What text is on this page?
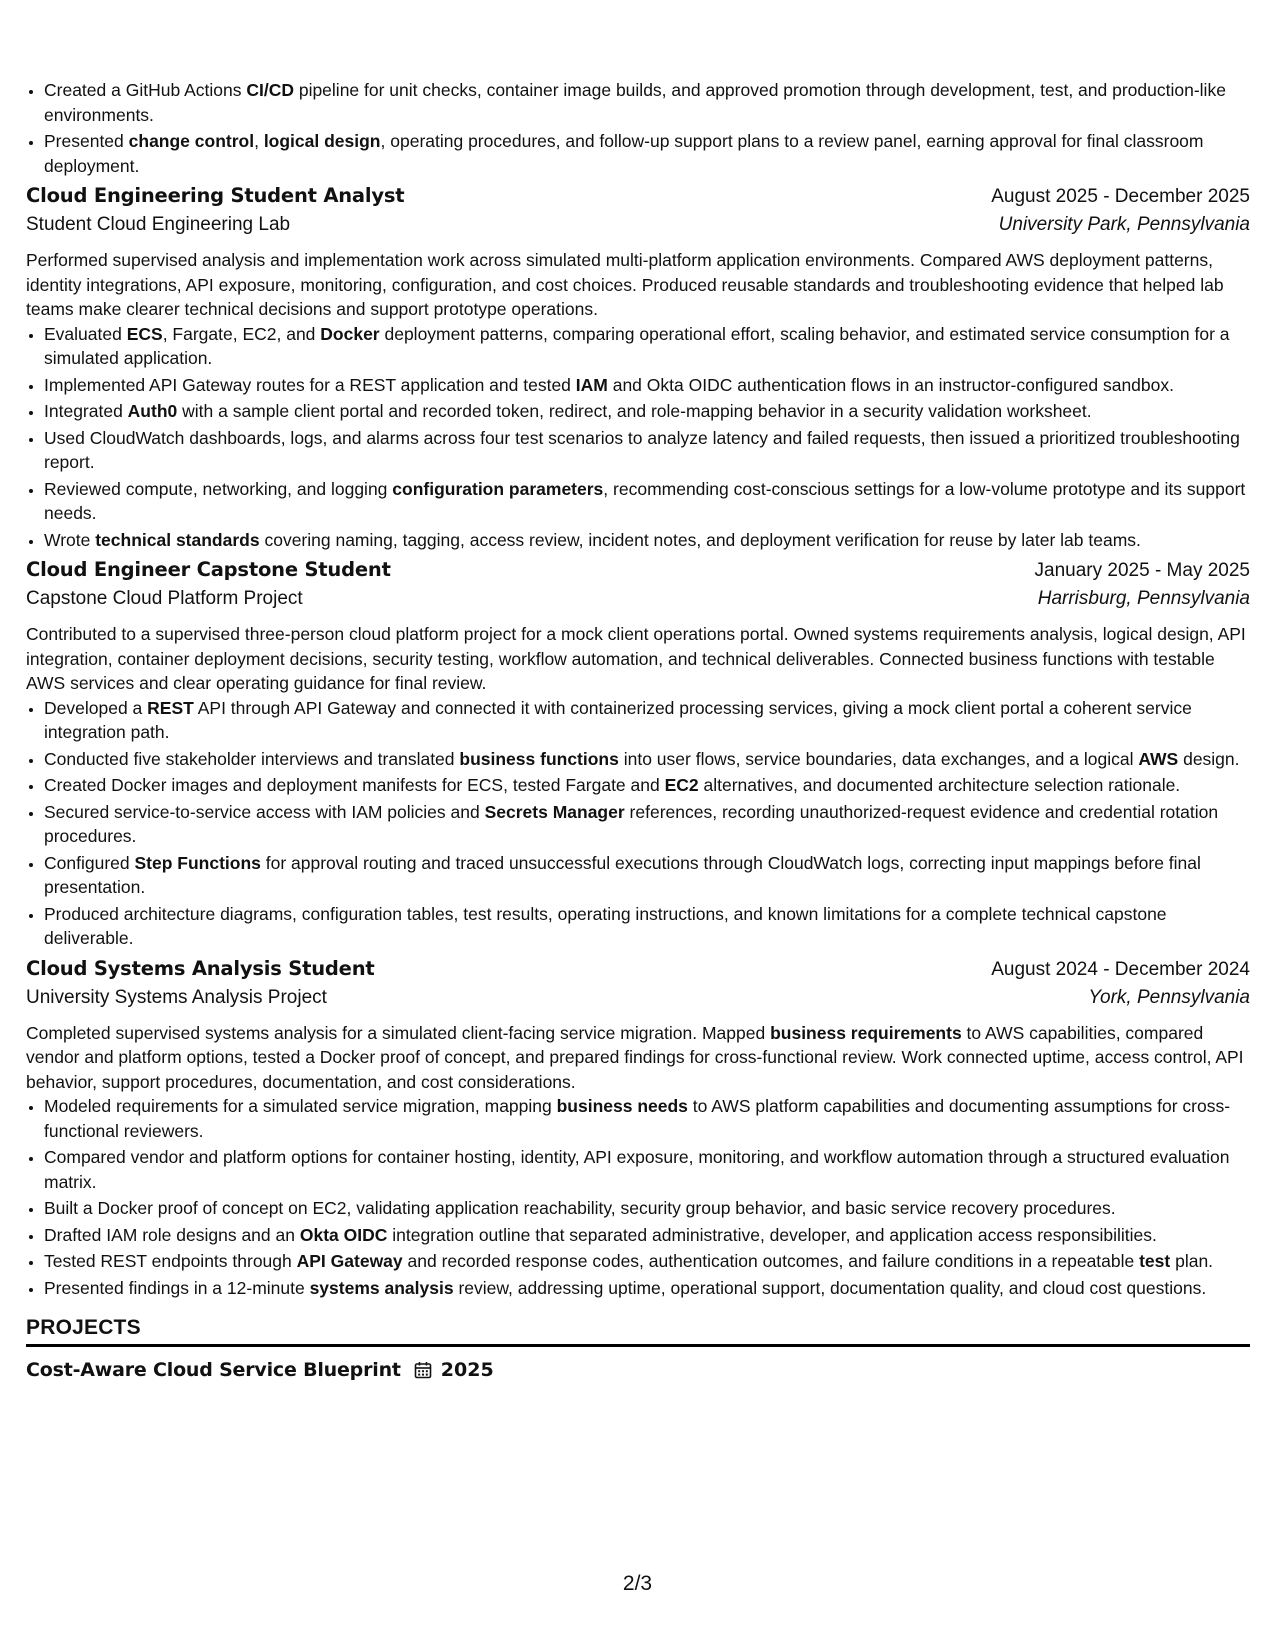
• Created a GitHub Actions CI/CD pipeline for unit checks, container image builds, and approved promotion through development, test, and production-like environments.
• Presented change control, logical design, operating procedures, and follow-up support plans to a review panel, earning approval for final classroom deployment.
Cloud Engineering Student Analyst	August 2025 - December 2025
Student Cloud Engineering Lab	University Park, Pennsylvania

Performed supervised analysis and implementation work across simulated multi-platform application environments. Compared AWS deployment patterns, identity integrations, API exposure, monitoring, configuration, and cost choices. Produced reusable standards and troubleshooting evidence that helped lab teams make clearer technical decisions and support prototype operations.

• Evaluated ECS, Fargate, EC2, and Docker deployment patterns, comparing operational effort, scaling behavior, and estimated service consumption for a simulated application.
• Implemented API Gateway routes for a REST application and tested IAM and Okta OIDC authentication flows in an instructor-configured sandbox.
• Integrated Auth0 with a sample client portal and recorded token, redirect, and role-mapping behavior in a security validation worksheet.
• Used CloudWatch dashboards, logs, and alarms across four test scenarios to analyze latency and failed requests, then issued a prioritized troubleshooting report.
• Reviewed compute, networking, and logging configuration parameters, recommending cost-conscious settings for a low-volume prototype and its support needs.
• Wrote technical standards covering naming, tagging, access review, incident notes, and deployment verification for reuse by later lab teams.
Cloud Engineer Capstone Student	January 2025 - May 2025
Capstone Cloud Platform Project	Harrisburg, Pennsylvania

Contributed to a supervised three-person cloud platform project for a mock client operations portal. Owned systems requirements analysis, logical design, API integration, container deployment decisions, security testing, workflow automation, and technical deliverables. Connected business functions with testable AWS services and clear operating guidance for final review.

• Developed a REST API through API Gateway and connected it with containerized processing services, giving a mock client portal a coherent service integration path.
• Conducted five stakeholder interviews and translated business functions into user flows, service boundaries, data exchanges, and a logical AWS design.
• Created Docker images and deployment manifests for ECS, tested Fargate and EC2 alternatives, and documented architecture selection rationale.
• Secured service-to-service access with IAM policies and Secrets Manager references, recording unauthorized-request evidence and credential rotation procedures.
• Configured Step Functions for approval routing and traced unsuccessful executions through CloudWatch logs, correcting input mappings before final presentation.
• Produced architecture diagrams, configuration tables, test results, operating instructions, and known limitations for a complete technical capstone deliverable.
Cloud Systems Analysis Student	August 2024 - December 2024
University Systems Analysis Project	York, Pennsylvania

Completed supervised systems analysis for a simulated client-facing service migration. Mapped business requirements to AWS capabilities, compared vendor and platform options, tested a Docker proof of concept, and prepared findings for cross-functional review. Work connected uptime, access control, API behavior, support procedures, documentation, and cost considerations.

• Modeled requirements for a simulated service migration, mapping business needs to AWS platform capabilities and documenting assumptions for cross-functional reviewers.
• Compared vendor and platform options for container hosting, identity, API exposure, monitoring, and workflow automation through a structured evaluation matrix.
• Built a Docker proof of concept on EC2, validating application reachability, security group behavior, and basic service recovery procedures.
• Drafted IAM role designs and an Okta OIDC integration outline that separated administrative, developer, and application access responsibilities.
• Tested REST endpoints through API Gateway and recorded response codes, authentication outcomes, and failure conditions in a repeatable test plan.
• Presented findings in a 12-minute systems analysis review, addressing uptime, operational support, documentation quality, and cloud cost questions.
PROJECTS
Cost-Aware Cloud Service Blueprint 2025
2/3
